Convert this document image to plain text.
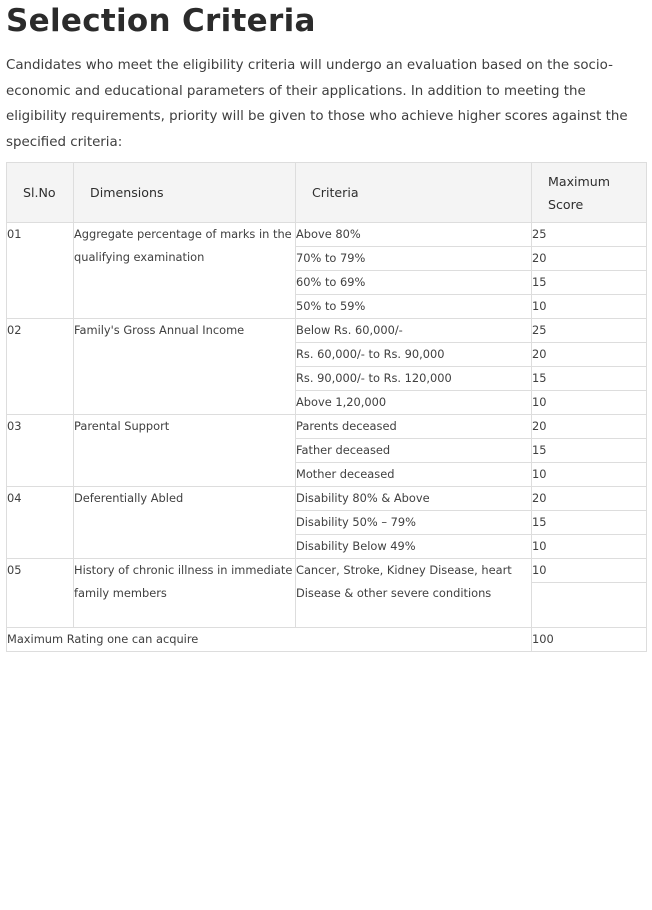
Selection Criteria

Candidates who meet the eligibility criteria will undergo an evaluation based on the socio-economic and educational parameters of their applications. In addition to meeting the eligibility requirements, priority will be given to those who achieve higher scores against the specified criteria:

Sl.No	Dimensions	Criteria	Maximum Score
01	Aggregate percentage of marks in the qualifying examination	Above 80%	25
		70% to 79%	20
		60% to 69%	15
		50% to 59%	10
02	Family's Gross Annual Income	Below Rs. 60,000/-	25
		Rs. 60,000/- to Rs. 90,000	20
		Rs. 90,000/- to Rs. 120,000	15
		Above 1,20,000	10
03	Parental Support	Parents deceased	20
		Father deceased	15
		Mother deceased	10
04	Deferentially Abled	Disability 80% & Above	20
		Disability 50% – 79%	15
		Disability Below 49%	10
05	History of chronic illness in immediate family members	Cancer, Stroke, Kidney Disease, heart Disease & other severe conditions	10

Maximum Rating one can acquire			100
